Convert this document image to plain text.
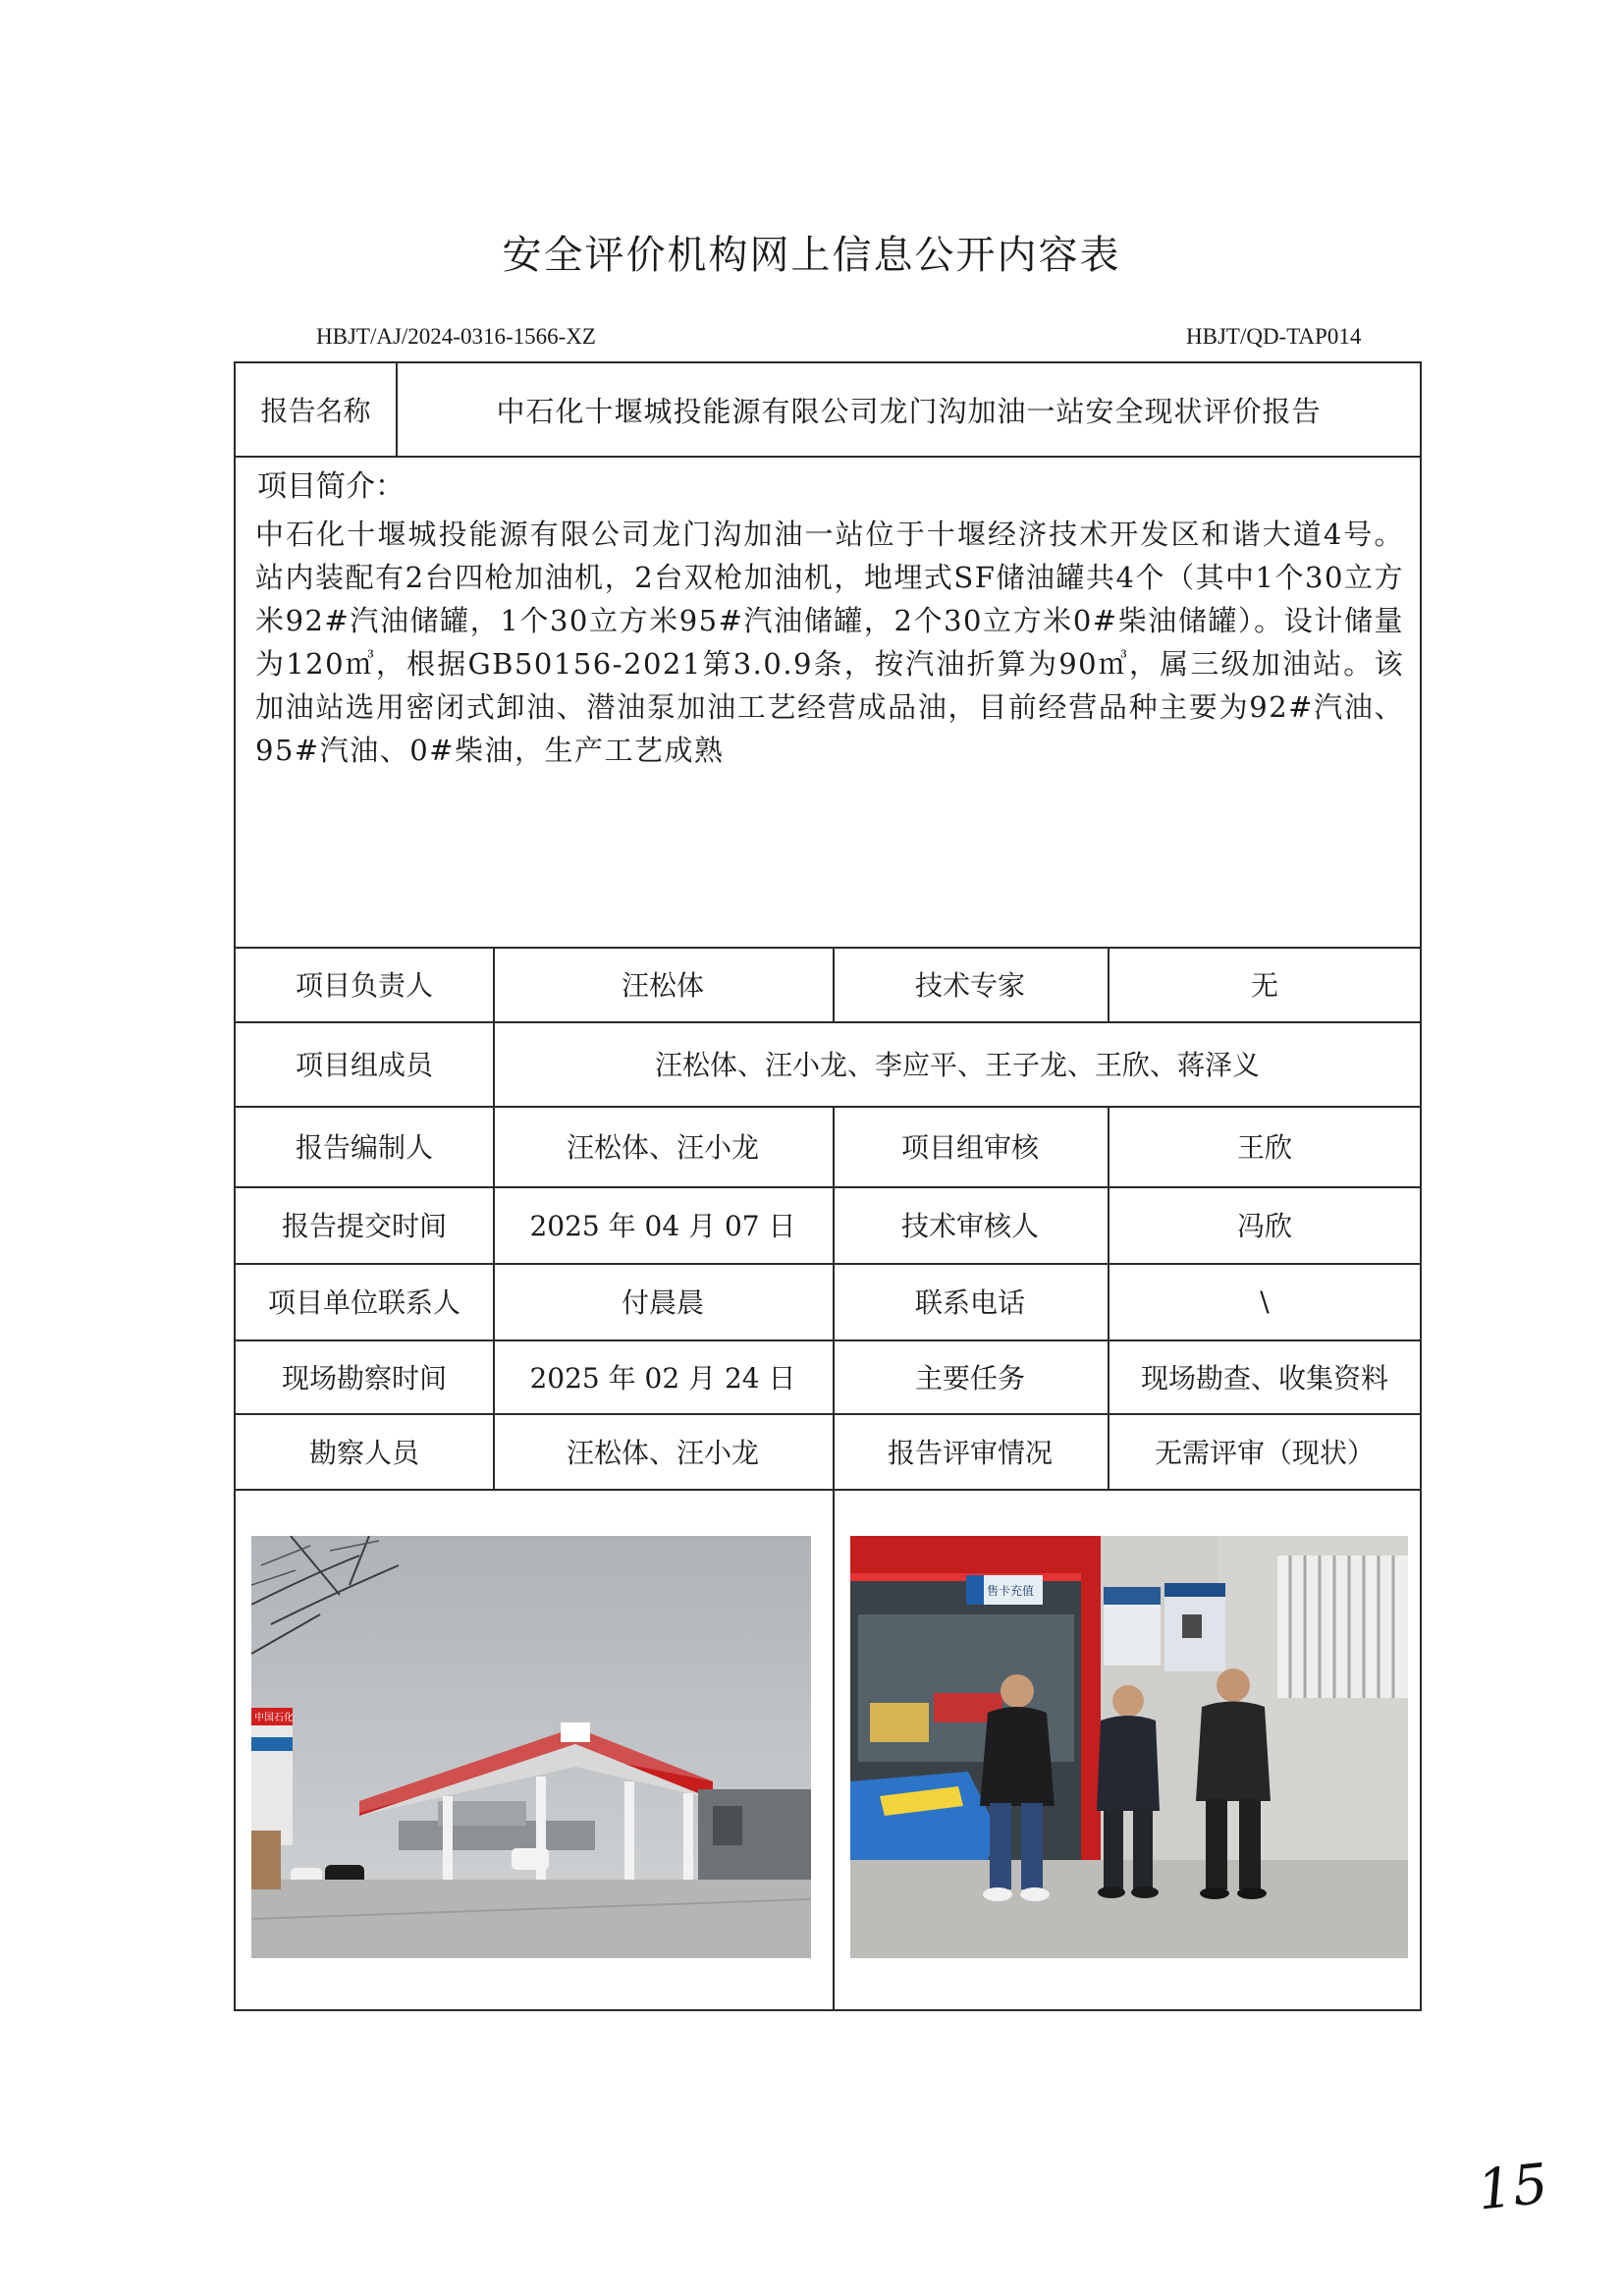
安全评价机构网上信息公开内容表
HBJT/AJ/2024-0316-1566-XZ	HBJT/QD-TAP014
报告名称	中石化十堰城投能源有限公司龙门沟加油一站安全现状评价报告
项目简介：
中石化十堰城投能源有限公司龙门沟加油一站位于十堰经济技术开发区和谐大道4号。站内装配有2台四枪加油机，2台双枪加油机，地埋式SF储油罐共4个（其中1个30立方米92#汽油储罐，1个30立方米95#汽油储罐，2个30立方米0#柴油储罐）。设计储量为120㎥，根据GB50156-2021第3.0.9条，按汽油折算为90㎥，属三级加油站。该加油站选用密闭式卸油、潜油泵加油工艺经营成品油，目前经营品种主要为92#汽油、95#汽油、0#柴油，生产工艺成熟
项目负责人	汪松体	技术专家	无
项目组成员	汪松体、汪小龙、李应平、王子龙、王欣、蒋泽义
报告编制人	汪松体、汪小龙	项目组审核	王欣
报告提交时间	2025 年 04 月 07 日	技术审核人	冯欣
项目单位联系人	付晨晨	联系电话	\
现场勘察时间	2025 年 02 月 24 日	主要任务	现场勘查、收集资料
勘察人员	汪松体、汪小龙	报告评审情况	无需评审（现状）
中国石化
售卡充值
15
